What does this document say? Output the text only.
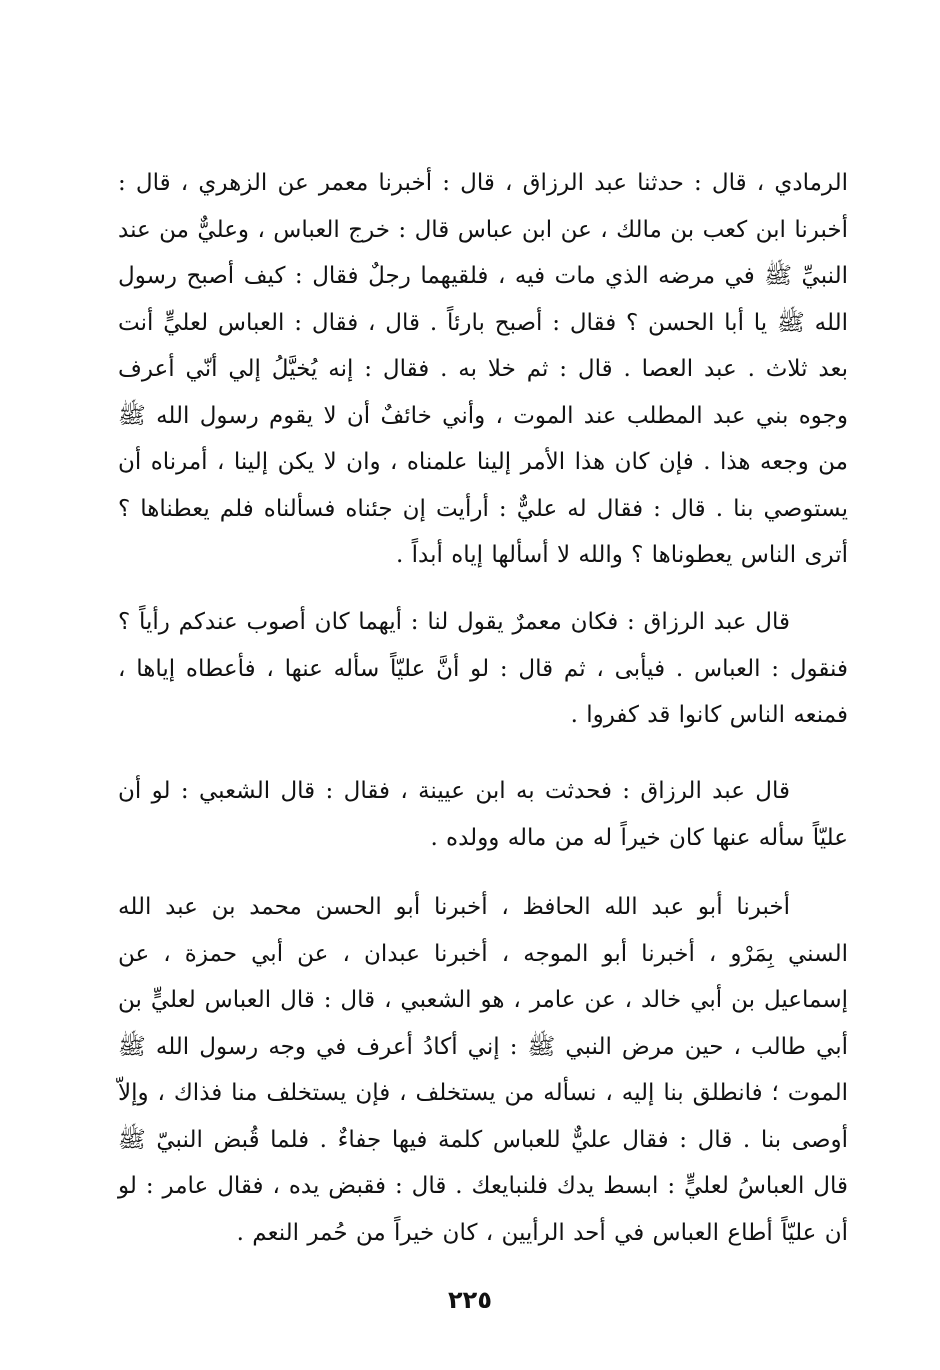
الرمادي ، قال : حدثنا عبد الرزاق ، قال : أخبرنا معمر عن الزهري ، قال : أخبرنا ابن كعب بن مالك ، عن ابن عباس قال : خرج العباس ، وعليٌّ من عند النبيِّ ﷺ في مرضه الذي مات فيه ، فلقيهما رجلٌ فقال : كيف أصبح رسول الله ﷺ يا أبا الحسن ؟ فقال : أصبح بارئاً . قال ، فقال : العباس لعليٍّ أنت بعد ثلاث . عبد العصا . قال : ثم خلا به . فقال : إنه يُخيَّلُ إلي أنّي أعرف وجوه بني عبد المطلب عند الموت ، وأني خائفٌ أن لا يقوم رسول الله ﷺ من وجعه هذا . فإن كان هذا الأمر إلينا علمناه ، وان لا يكن إلينا ، أمرناه أن يستوصي بنا . قال : فقال له عليٌّ : أرأيت إن جئناه فسألناه فلم يعطناها ؟ أترى الناس يعطوناها ؟ والله لا أسألها إياه أبداً .

قال عبد الرزاق : فكان معمرٌ يقول لنا : أيهما كان أصوب عندكم رأياً ؟ فنقول : العباس . فيأبى ، ثم قال : لو أنَّ عليّاً سأله عنها ، فأعطاه إياها ، فمنعه الناس كانوا قد كفروا .

قال عبد الرزاق : فحدثت به ابن عيينة ، فقال : قال الشعبي : لو أن عليّاً سأله عنها كان خيراً له من ماله وولده .

أخبرنا أبو عبد الله الحافظ ، أخبرنا أبو الحسن محمد بن عبد الله السني بِمَرْو ، أخبرنا أبو الموجه ، أخبرنا عبدان ، عن أبي حمزة ، عن إسماعيل بن أبي خالد ، عن عامر ، هو الشعبي ، قال : قال العباس لعليٍّ بن أبي طالب ، حين مرض النبي ﷺ : إني أكادُ أعرف في وجه رسول الله ﷺ الموت ؛ فانطلق بنا إليه ، نسأله من يستخلف ، فإن يستخلف منا فذاك ، وإلاّ أوصى بنا . قال : فقال عليٌّ للعباس كلمة فيها جفاءٌ . فلما قُبض النبيّ ﷺ قال العباسُ لعليٍّ : ابسط يدك فلنبايعك . قال : فقبض يده ، فقال عامر : لو أن عليّاً أطاع العباس في أحد الرأيين ، كان خيراً من حُمر النعم .

٢٢٥
